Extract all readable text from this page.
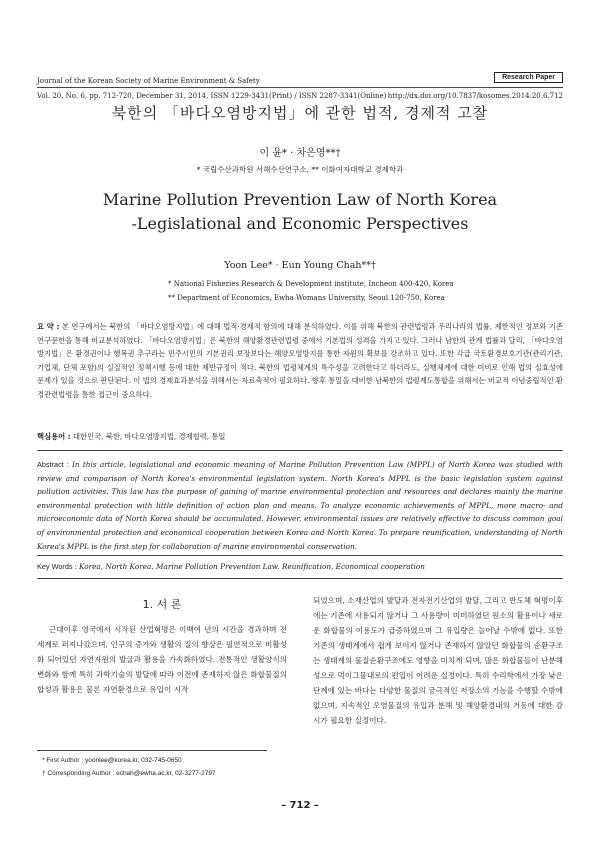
Journal of the Korean Society of Marine Environment & Safety	Research Paper
Vol. 20, No. 6, pp. 712-720, December 31, 2014, ISSN 1229-3431(Print) / ISSN 2287-3341(Online) http://dx.doi.org/10.7837/kosomes.2014.20.6.712
북한의 「바다오염방지법」에 관한 법적, 경제적 고찰
이 윤* · 차은영**†
* 국립수산과학원 서해수산연구소, ** 이화여자대학교 경제학과
Marine Pollution Prevention Law of North Korea
-Legislational and Economic Perspectives
Yoon Lee* · Eun Young Chah**†
* National Fisheries Research & Development institute, Incheon 400-420, Korea
** Department of Economics, Ewha Womans University, Seoul 120-750, Korea
요 약 : 본 연구에서는 북한의 「바다오염방지법」에 대해 법적·경제적 함의에 대해 분석하였다. 이를 위해 북한의 관련법령과 우리나라의 법률, 제한적인 정보와 기존 연구문헌을 통해 비교분석하였다. 「바다오염방지법」은 북한의 해양환경관련법령 중에서 기본법의 성격을 가지고 있다. 그러나 남한의 관계 법률과 달리, 「바다오염방지법」은 환경권이나 행복권 추구라는 민주시민의 기본권리 보장보다는 해양오염방지를 통한 자원의 확보를 강조하고 있다. 또한 각급 국토환경보호기관(관리기관, 기업체, 단체 포함)의 실질적인 정책시행 등에 대한 제반규정이 적다. 북한의 법령체계의 특수성을 고려한다고 하더라도, 실행체계에 대한 미비로 인해 법의 실효성에 문제가 있을 것으로 판단된다. 이 법의 경제효과분석을 위해서는 자료축적이 필요하다. 향후 통일을 대비한 남북한의 법령제도통합을 위해서는 비교적 이념중립적인 환경관련법령을 통한 접근이 중요하다.
핵심용어 : 대한민국, 북한, 바다오염방지법, 경제협력, 통일
Abstract : In this article, legislational and economic meaning of Marine Pollution Prevention Law (MPPL) of North Korea was studied with review and comparison of North Korea's environmental legislation system. North Korea's MPPL is the basic legislation system against pollution activities. This law has the purpose of gaining of marine environmental protection and resources and declares mainly the marine environmental protection with little definition of action plan and means. To analyze economic achievements of MPPL, more macro- and microeconomic data of North Korea should be accumulated. However, environmental issues are relatively effective to discuss common goal of environmental protection and economical cooperation between Korea and North Korea. To prepare reunification, understanding of North Korea's MPPL is the first step for collaboration of marine environmental conservation.
Key Words : Korea, North Korea, Marine Pollution Prevention Law, Reunification, Economical cooperation
1. 서 론
근대이후 영국에서 시작된 산업혁명은 이백여 년의 시간을 경과하며 전 세계로 퍼져나갔으며, 인구의 증가와 생활의 질의 향상은 필연적으로 비활성화 되어있던 자연자원의 발굴과 활용을 가속화하였다. 전통적인 생활양식의 변화와 함께 특히 과학기술의 발달에 따라 이전에 존재하지 않은 화합물질의 합성과 활용은 물론 자연환경으로 유입이 시작
되었으며, 소재산업의 발달과 전자전기산업의 발달, 그리고 반도체 혁명이후에는 기존에 사용되지 않거나 그 사용량이 미미하였던 원소의 활용이나 새로운 화합물의 이용도가 급증하였으며 그 유입량은 늘어날 수밖에 없다. 또한 기존의 생태계에서 쉽게 보이지 않거나 존재하지 않았던 화합물의 순환구조는 생태계의 물질순환구조에도 영향을 미치게 되며, 많은 화합물들이 난분해성으로 먹이그물내로의 편입이 어려운 실정이다. 특히 수리학에서 가장 낮은 단계에 있는 바다는 다양한 물질의 궁극적인 저장소의 기능을 수행할 수밖에 없으며, 지속적인 오염물질의 유입과 분해 및 해양환경내의 거동에 대한 감시가 필요한 실정이다.
* First Author : yoonlee@korea.kr, 032-745-0650
† Corresponding Author : echah@ewha.ac.kr, 02-3277-2797
– 712 –
